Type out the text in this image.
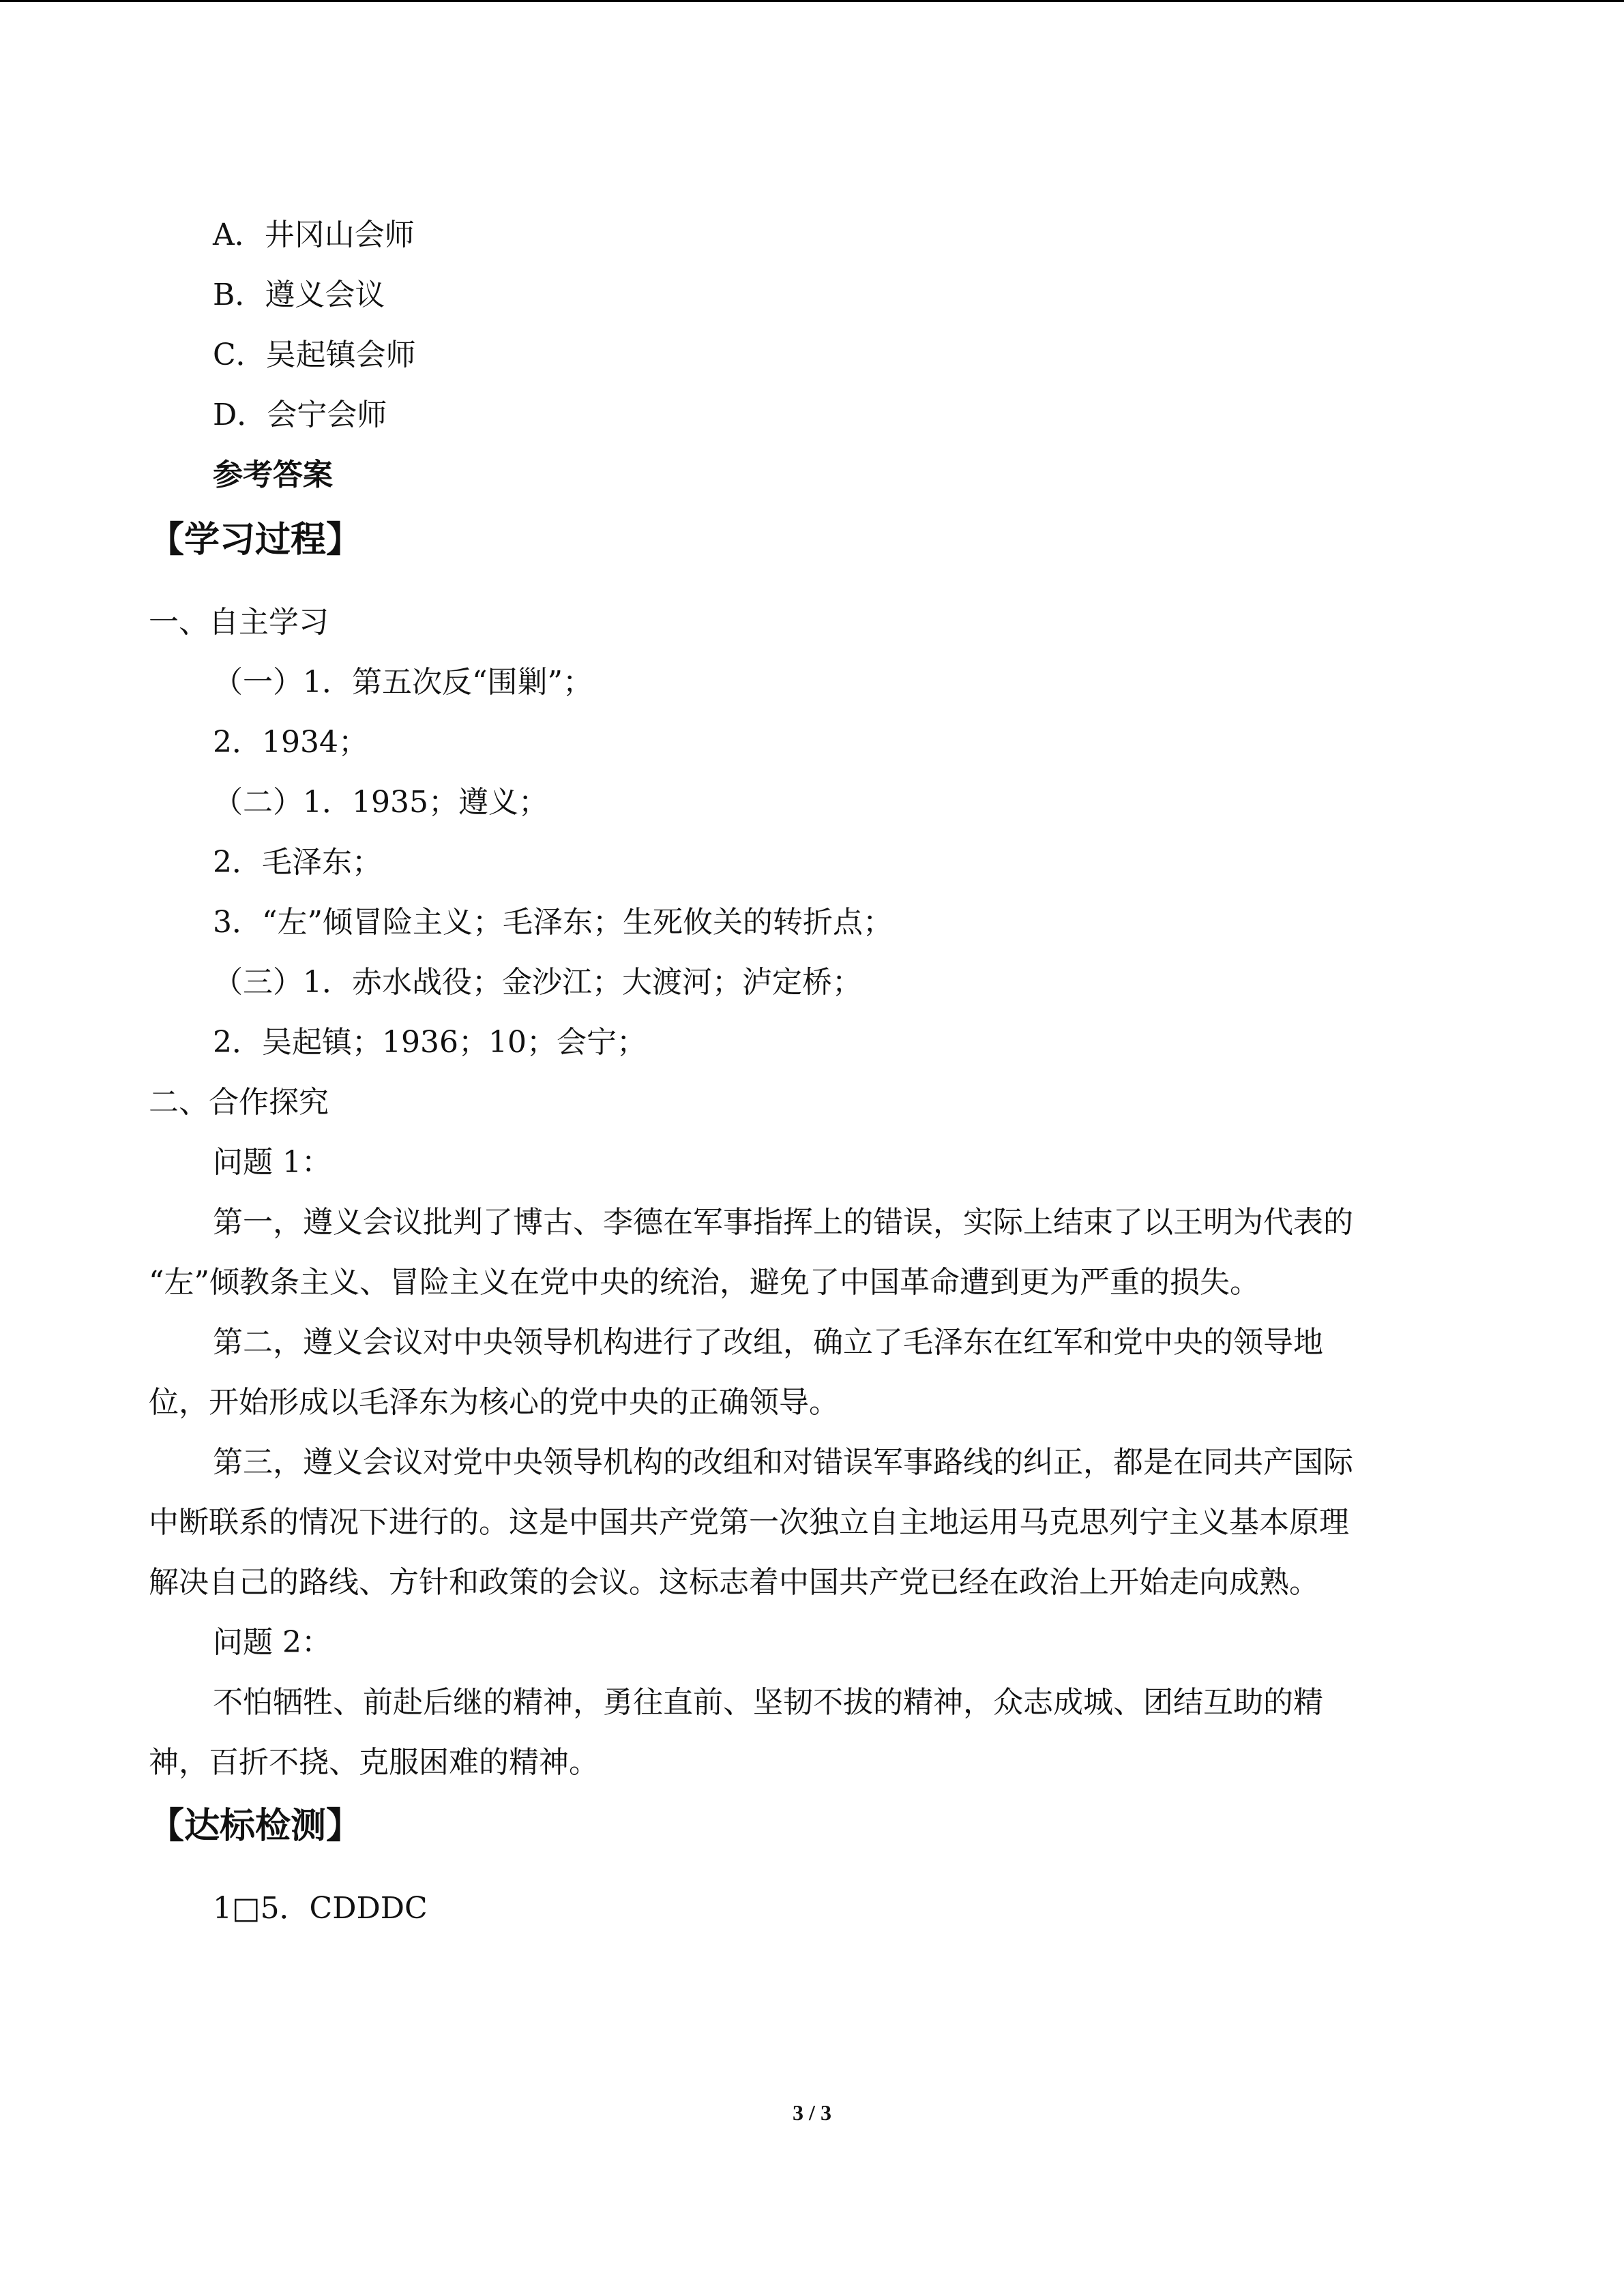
A．井冈山会师
B．遵义会议
C．吴起镇会师
D．会宁会师
参考答案
【学习过程】
一、自主学习
（一）1．第五次反“围剿”；
2．1934；
（二）1．1935；遵义；
2．毛泽东；
3．“左”倾冒险主义；毛泽东；生死攸关的转折点；
（三）1．赤水战役；金沙江；大渡河；泸定桥；
2．吴起镇；1936；10；会宁；
二、合作探究
问题 1：
第一，遵义会议批判了博古、李德在军事指挥上的错误，实际上结束了以王明为代表的
“左”倾教条主义、冒险主义在党中央的统治，避免了中国革命遭到更为严重的损失。
第二，遵义会议对中央领导机构进行了改组，确立了毛泽东在红军和党中央的领导地
位，开始形成以毛泽东为核心的党中央的正确领导。
第三，遵义会议对党中央领导机构的改组和对错误军事路线的纠正，都是在同共产国际
中断联系的情况下进行的。这是中国共产党第一次独立自主地运用马克思列宁主义基本原理
解决自己的路线、方针和政策的会议。这标志着中国共产党已经在政治上开始走向成熟。
问题 2：
不怕牺牲、前赴后继的精神，勇往直前、坚韧不拔的精神，众志成城、团结互助的精
神，百折不挠、克服困难的精神。
【达标检测】
1□5．CDDDC
3 / 3
